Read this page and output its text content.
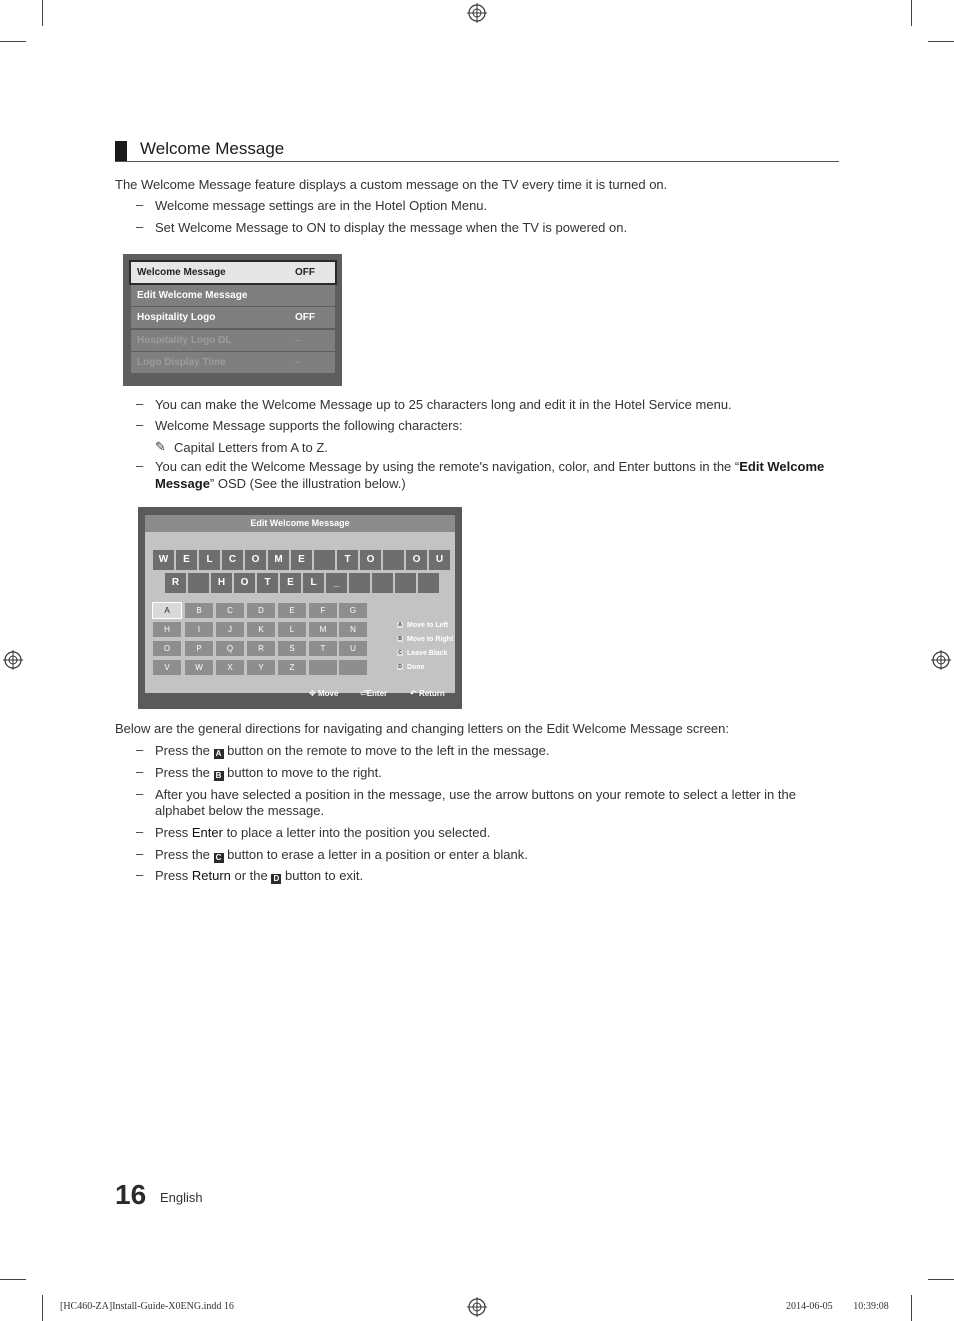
Welcome Message
The Welcome Message feature displays a custom message on the TV every time it is turned on.
– Welcome message settings are in the Hotel Option Menu.
– Set Welcome Message to ON to display the message when the TV is powered on.
Welcome Message	OFF
Edit Welcome Message
Hospitality Logo	OFF
Hospitality Logo DL	–
Logo Display Time	–
– You can make the Welcome Message up to 25 characters long and edit it in the Hotel Service menu.
– Welcome Message supports the following characters:
✎ Capital Letters from A to Z.
– You can edit the Welcome Message by using the remote's navigation, color, and Enter buttons in the “Edit Welcome Message” OSD (See the illustration below.)
Edit Welcome Message
W	E	L	C	O	M	E	T	O	O	U
R	H	O	T	E	L	_
A	B	C	D	E	F	G
H	I	J	K	L	M	N
O	P	Q	R	S	T	U
V	W	X	Y	Z
A Move to Left
B Move to Right
C Leave Black
D Done
✥ Move	⏎Enter	↶ Return
Below are the general directions for navigating and changing letters on the Edit Welcome Message screen:
– Press the A button on the remote to move to the left in the message.
– Press the B button to move to the right.
– After you have selected a position in the message, use the arrow buttons on your remote to select a letter in the
alphabet below the message.
– Press Enter to place a letter into the position you selected.
– Press the C button to erase a letter in a position or enter a blank.
– Press Return or the D button to exit.
16 English
[HC460-ZA]Install-Guide-X0ENG.indd 16	2014-06-05 ￿￿ 10:39:08
